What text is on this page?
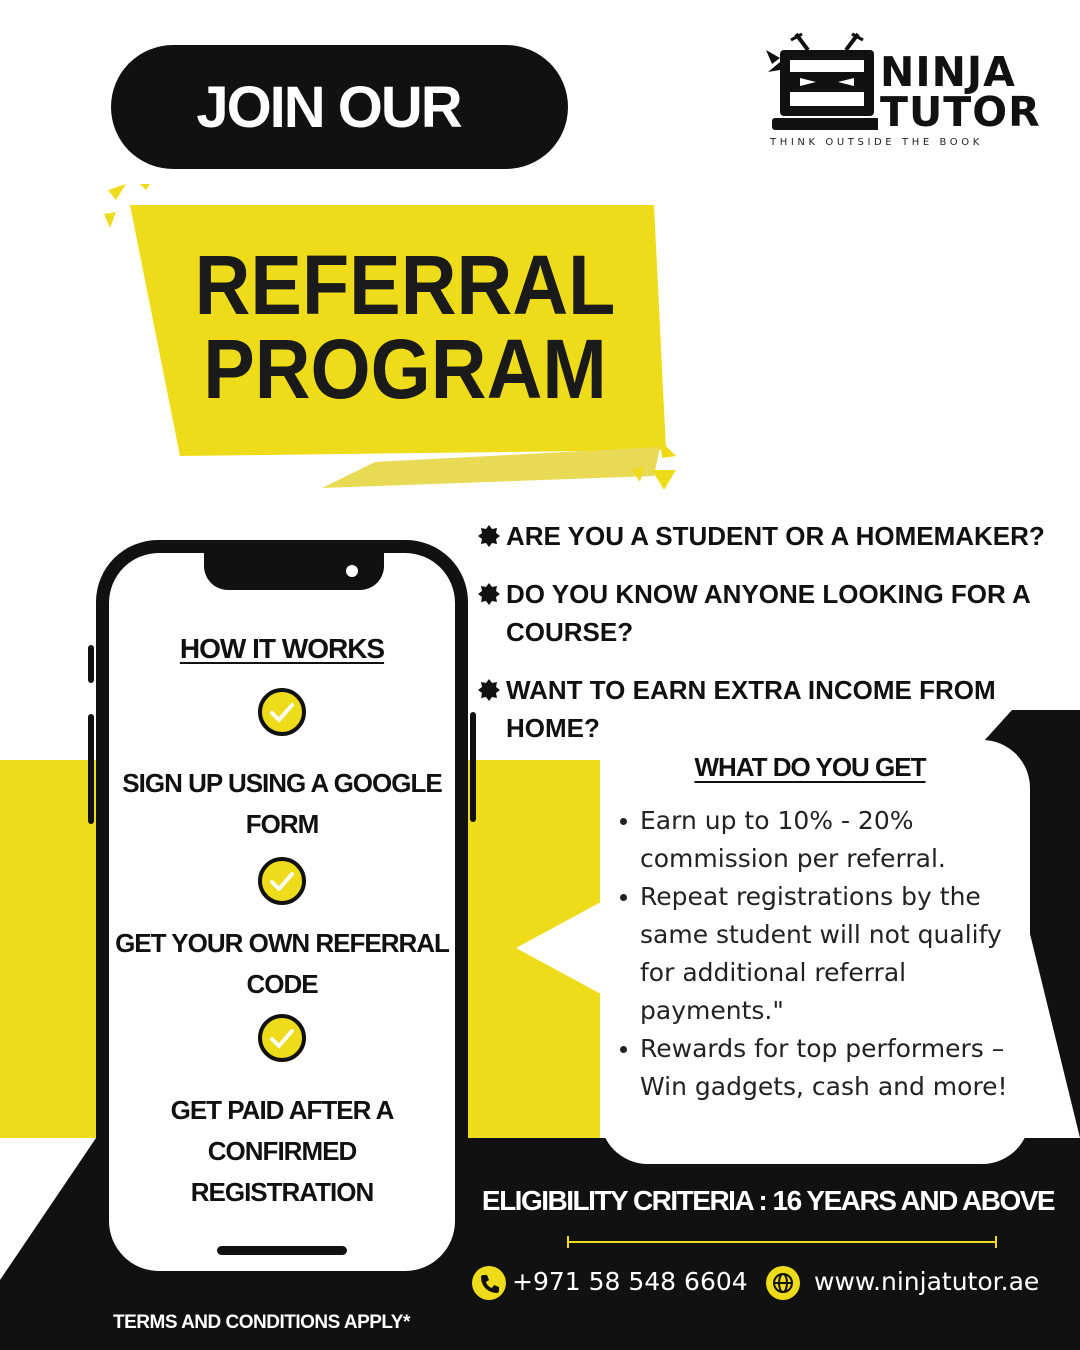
JOIN OUR
NINJA
TUTOR
THINK OUTSIDE THE BOOK
REFERRAL
PROGRAM
ARE YOU A STUDENT OR A HOMEMAKER?
DO YOU KNOW ANYONE LOOKING FOR A COURSE?
WANT TO EARN EXTRA INCOME FROM HOME?
HOW IT WORKS
SIGN UP USING A GOOGLE FORM
GET YOUR OWN REFERRAL CODE
GET PAID AFTER A CONFIRMED REGISTRATION
WHAT DO YOU GET
Earn up to 10% - 20% commission per referral.
Repeat registrations by the same student will not qualify for additional referral payments."
Rewards for top performers – Win gadgets, cash and more!
ELIGIBILITY CRITERIA : 16 YEARS AND ABOVE
+971 58 548 6604	www.ninjatutor.ae
TERMS AND CONDITIONS APPLY*
